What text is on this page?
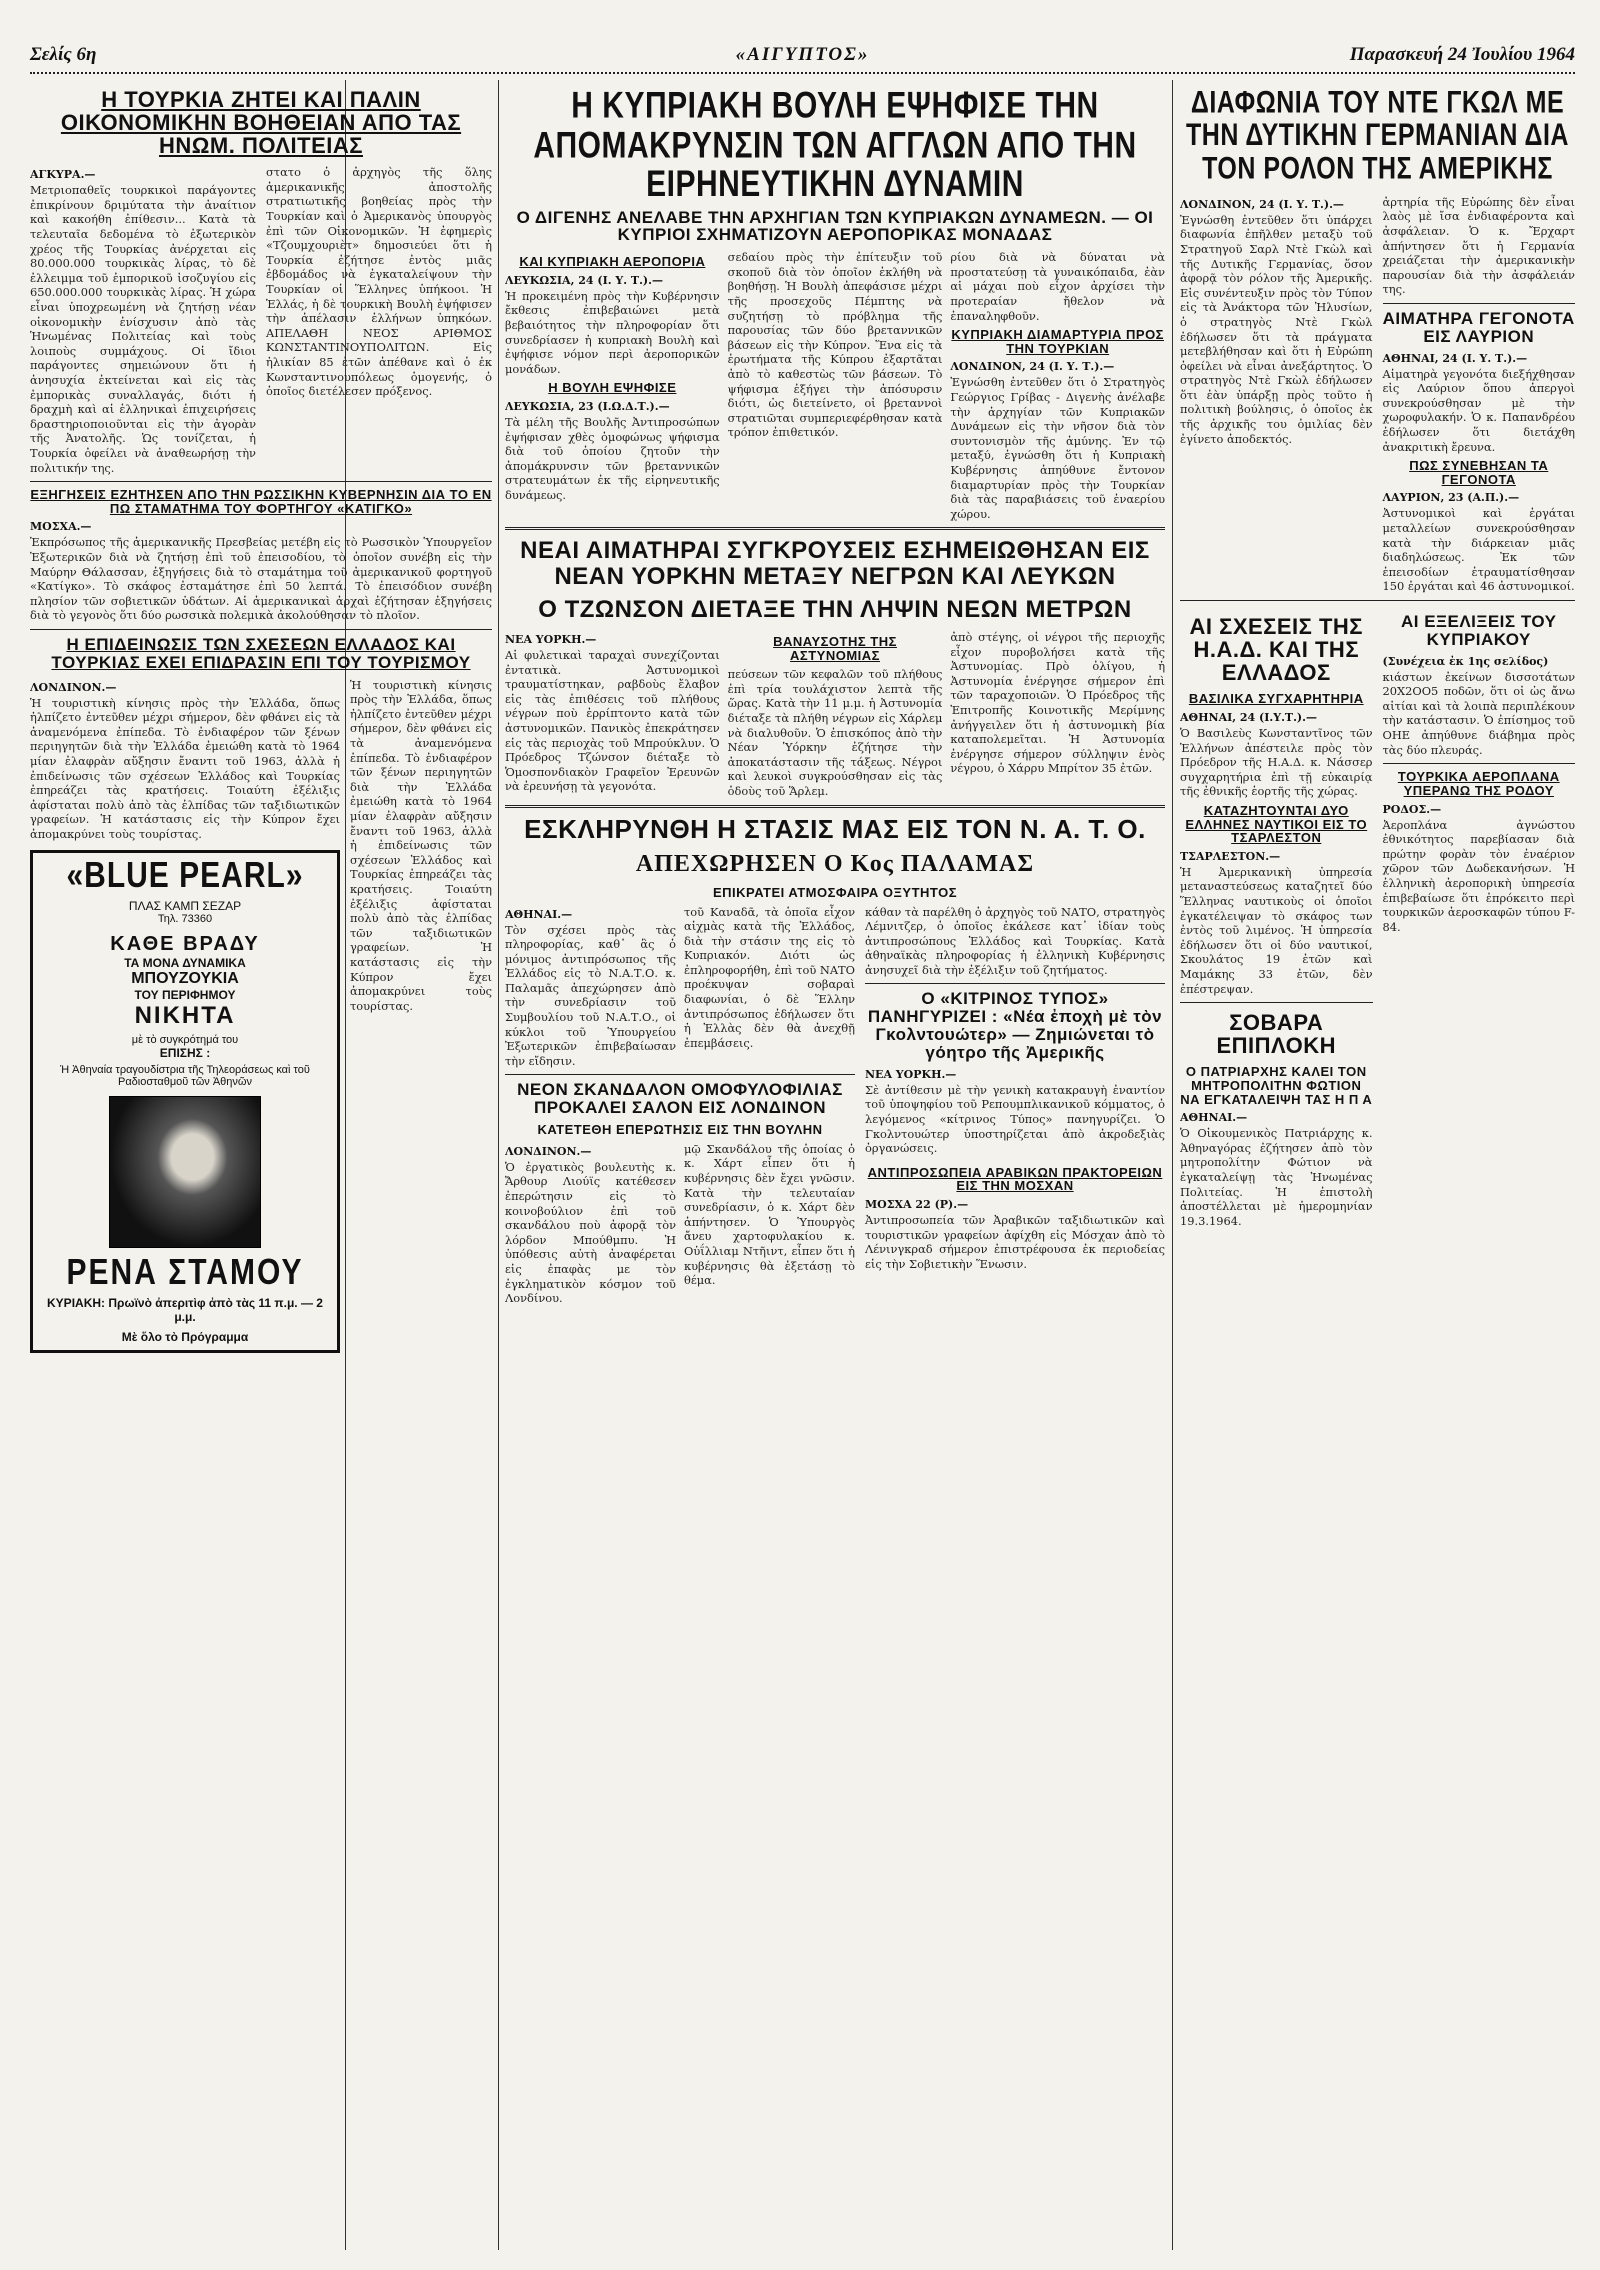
Σελίς 6η	«ΑΙΓΥΠΤΟΣ»	Παρασκευή 24 Ἰουλίου 1964
Η ΤΟΥΡΚΙΑ ΖΗΤΕΙ ΚΑΙ ΠΑΛΙΝ ΟΙΚΟΝΟΜΙΚΗΝ ΒΟΗΘΕΙΑΝ ΑΠΟ ΤΑΣ ΗΝΩΜ. ΠΟΛΙΤΕΙΑΣ
ΑΓΚΥΡΑ.—
Μετριοπαθεῖς τουρκικοὶ παράγοντες ἐπικρίνουν δριμύτατα τὴν ἀναίτιον καὶ κακοήθη ἐπίθεσιν... Κατὰ τὰ τελευταῖα δεδομένα τὸ ἐξωτερικὸν χρέος τῆς Τουρκίας ἀνέρχεται εἰς 80.000.000 τουρκικὰς λίρας, τὸ δὲ ἐλλειμμα τοῦ ἐμπορικοῦ ἰσοζυγίου εἰς 650.000.000 τουρκικὰς λίρας. Ἡ χώρα εἶναι ὑποχρεωμένη νὰ ζητήσῃ νέαν οἰκονομικὴν ἐνίσχυσιν ἀπὸ τὰς Ἡνωμένας Πολιτείας καὶ τοὺς λοιποὺς συμμάχους. Οἱ ἴδιοι παράγοντες σημειώνουν ὅτι ἡ ἀνησυχία ἐκτείνεται καὶ εἰς τὰς ἐμπορικὰς συναλλαγάς, διότι ἡ δραχμὴ καὶ αἱ ἑλληνικαὶ ἐπιχειρήσεις δραστηριοποιοῦνται εἰς τὴν ἀγορὰν τῆς Ἀνατολῆς. Ὡς τονίζεται, ἡ Τουρκία ὀφείλει νὰ ἀναθεωρήσῃ τὴν πολιτικήν της.
στατο ὁ ἀρχηγὸς τῆς ὅλης ἀμερικανικῆς ἀποστολῆς στρατιωτικῆς βοηθείας πρὸς τὴν Τουρκίαν καὶ ὁ Ἀμερικανὸς ὑπουργὸς ἐπὶ τῶν Οἰκονομικῶν. Ἡ ἐφημερὶς «Τζουμχουριὲτ» δημοσιεύει ὅτι ἡ Τουρκία ἐζήτησε ἐντὸς μιᾶς ἑβδομάδος νὰ ἐγκαταλείψουν τὴν Τουρκίαν οἱ Ἕλληνες ὑπήκοοι. Ἡ Ἑλλάς, ἡ δὲ τουρκικὴ Βουλὴ ἐψήφισεν τὴν ἀπέλασιν ἑλλήνων ὑπηκόων. ΑΠΕΛΑΘΗ ΝΕΟΣ ΑΡΙΘΜΟΣ ΚΩΝΣΤΑΝΤΙΝΟΥΠΟΛΙΤΩΝ. Εἰς ἡλικίαν 85 ἐτῶν ἀπέθανε καὶ ὁ ἐκ Κωνσταντινουπόλεως ὁμογενής, ὁ ὁποῖος διετέλεσεν πρόξενος.
ΕΞΗΓΗΣΕΙΣ ΕΖΗΤΗΣΕΝ ΑΠΟ ΤΗΝ ΡΩΣΣΙΚΗΝ ΚΥΒΕΡΝΗΣΙΝ ΔΙΑ ΤΟ ΕΝ ΠΩ ΣΤΑΜΑΤΗΜΑ ΤΟΥ ΦΟΡΤΗΓΟΥ «ΚΑΤΙΓΚΟ»
ΜΟΣΧΑ.—
Ἐκπρόσωπος τῆς ἀμερικανικῆς Πρεσβείας μετέβη εἰς τὸ Ρωσσικὸν Ὑπουργεῖον Ἐξωτερικῶν διὰ νὰ ζητήσῃ ἐπὶ τοῦ ἐπεισοδίου, τὸ ὁποῖον συνέβη εἰς τὴν Μαύρην Θάλασσαν, ἐξηγήσεις διὰ τὸ σταμάτημα τοῦ ἀμερικανικοῦ φορτηγοῦ «Κατίγκο». Τὸ σκάφος ἐσταμάτησε ἐπὶ 50 λεπτά. Τὸ ἐπεισόδιον συνέβη πλησίον τῶν σοβιετικῶν ὑδάτων. Αἱ ἀμερικανικαὶ ἀρχαὶ ἐζήτησαν ἐξηγήσεις διὰ τὸ γεγονὸς ὅτι δύο ρωσσικὰ πολεμικὰ ἀκολούθησαν τὸ πλοῖον.
Η ΕΠΙΔΕΙΝΩΣΙΣ ΤΩΝ ΣΧΕΣΕΩΝ ΕΛΛΑΔΟΣ ΚΑΙ ΤΟΥΡΚΙΑΣ ΕΧΕΙ ΕΠΙΔΡΑΣΙΝ ΕΠΙ ΤΟΥ ΤΟΥΡΙΣΜΟΥ
ΛΟΝΔΙΝΟΝ.—
Ἡ τουριστικὴ κίνησις πρὸς τὴν Ἑλλάδα, ὅπως ἠλπίζετο ἐντεῦθεν μέχρι σήμερον, δὲν φθάνει εἰς τὰ ἀναμενόμενα ἐπίπεδα. Τὸ ἐνδιαφέρον τῶν ξένων περιηγητῶν διὰ τὴν Ἑλλάδα ἐμειώθη κατὰ τὸ 1964 μίαν ἐλαφρὰν αὔξησιν ἔναντι τοῦ 1963, ἀλλὰ ἡ ἐπιδείνωσις τῶν σχέσεων Ἑλλάδος καὶ Τουρκίας ἐπηρεάζει τὰς κρατήσεις. Τοιαύτη ἐξέλιξις ἀφίσταται πολὺ ἀπὸ τὰς ἐλπίδας τῶν ταξιδιωτικῶν γραφείων. Ἡ κατάστασις εἰς τὴν Κύπρον ἔχει ἀπομακρύνει τοὺς τουρίστας.
«BLUE PEARL»
ΠΛΑΣ ΚΑΜΠ ΣΕΖΑΡ
Τηλ. 73360
ΚΑΘΕ ΒΡΑΔΥ
ΤΑ ΜΟΝΑ ΔΥΝΑΜΙΚΑ
ΜΠΟΥΖΟΥΚΙΑ
ΤΟΥ ΠΕΡΙΦΗΜΟΥ
ΝΙΚΗΤΑ
μὲ τὸ συγκρότημά του
ΕΠΙΣΗΣ :
Ἡ Ἀθηναία τραγουδίστρια τῆς Τηλεοράσεως καὶ τοῦ Ραδιοσταθμοῦ τῶν Ἀθηνῶν
ΡΕΝΑ ΣΤΑΜΟΥ
ΚΥΡΙΑΚΗ: Πρωϊνὸ ἀπεριτὶφ ἀπὸ τὰς 11 π.μ. — 2 μ.μ.
Μὲ ὅλο τὸ Πρόγραμμα
Ἡ τουριστικὴ κίνησις πρὸς τὴν Ἑλλάδα, ὅπως ἠλπίζετο ἐντεῦθεν μέχρι σήμερον, δὲν φθάνει εἰς τὰ ἀναμενόμενα ἐπίπεδα. Τὸ ἐνδιαφέρον τῶν ξένων περιηγητῶν διὰ τὴν Ἑλλάδα ἐμειώθη κατὰ τὸ 1964 μίαν ἐλαφρὰν αὔξησιν ἔναντι τοῦ 1963, ἀλλὰ ἡ ἐπιδείνωσις τῶν σχέσεων Ἑλλάδος καὶ Τουρκίας ἐπηρεάζει τὰς κρατήσεις. Τοιαύτη ἐξέλιξις ἀφίσταται πολὺ ἀπὸ τὰς ἐλπίδας τῶν ταξιδιωτικῶν γραφείων. Ἡ κατάστασις εἰς τὴν Κύπρον ἔχει ἀπομακρύνει τοὺς τουρίστας.
Η ΚΥΠΡΙΑΚΗ ΒΟΥΛΗ ΕΨΗΦΙΣΕ ΤΗΝ ΑΠΟΜΑΚΡΥΝΣΙΝ ΤΩΝ ΑΓΓΛΩΝ ΑΠΟ ΤΗΝ ΕΙΡΗΝΕΥΤΙΚΗΝ ΔΥΝΑΜΙΝ
Ο ΔΙΓΕΝΗΣ ΑΝΕΛΑΒΕ ΤΗΝ ΑΡΧΗΓΙΑΝ ΤΩΝ ΚΥΠΡΙΑΚΩΝ ΔΥΝΑΜΕΩΝ. — ΟΙ ΚΥΠΡΙΟΙ ΣΧΗΜΑΤΙΖΟΥΝ ΑΕΡΟΠΟΡΙΚΑΣ ΜΟΝΑΔΑΣ
ΚΑΙ ΚΥΠΡΙΑΚΗ ΑΕΡΟΠΟΡΙΑ
ΛΕΥΚΩΣΙΑ, 24 (Ι. Υ. Τ.).—
Ἡ προκειμένη πρὸς τὴν Κυβέρνησιν ἔκθεσις ἐπιβεβαιώνει μετὰ βεβαιότητος τὴν πληροφορίαν ὅτι συνεδρίασεν ἡ κυπριακὴ Βουλὴ καὶ ἐψήφισε νόμον περὶ ἀεροπορικῶν μονάδων.
Η ΒΟΥΛΗ ΕΨΗΦΙΣΕ
ΛΕΥΚΩΣΙΑ, 23 (Ι.Ω.Δ.Τ.).—
Τὰ μέλη τῆς Βουλῆς Ἀντιπροσώπων ἐψήφισαν χθὲς ὁμοφώνως ψήφισμα διὰ τοῦ ὁποίου ζητοῦν τὴν ἀπομάκρυνσιν τῶν βρεταννικῶν στρατευμάτων ἐκ τῆς εἰρηνευτικῆς δυνάμεως.
σεδαίου πρὸς τὴν ἐπίτευξιν τοῦ σκοποῦ διὰ τὸν ὁποῖον ἐκλήθη νὰ βοηθήσῃ. Ἡ Βουλὴ ἀπεφάσισε μέχρι τῆς προσεχοῦς Πέμπτης νὰ συζητήσῃ τὸ πρόβλημα τῆς παρουσίας τῶν δύο βρεταννικῶν βάσεων εἰς τὴν Κύπρον. Ἕνα εἰς τὰ ἐρωτήματα τῆς Κύπρου ἐξαρτᾶται ἀπὸ τὸ καθεστὼς τῶν βάσεων. Τὸ ψήφισμα ἐξήγει τὴν ἀπόσυρσιν διότι, ὡς διετείνετο, οἱ βρεταννοὶ στρατιῶται συμπεριεφέρθησαν κατὰ τρόπον ἐπιθετικόν.
ρίου διὰ νὰ δύναται νὰ προστατεύσῃ τὰ γυναικόπαιδα, ἐὰν αἱ μάχαι ποὺ εἶχον ἀρχίσει τὴν προτεραίαν ἤθελον νὰ ἐπαναληφθοῦν.
ΚΥΠΡΙΑΚΗ ΔΙΑΜΑΡΤΥΡΙΑ ΠΡΟΣ ΤΗΝ ΤΟΥΡΚΙΑΝ
ΛΟΝΔΙΝΟΝ, 24 (Ι. Υ. Τ.).—
Ἐγνώσθη ἐντεῦθεν ὅτι ὁ Στρατηγὸς Γεώργιος Γρίβας - Διγενὴς ἀνέλαβε τὴν ἀρχηγίαν τῶν Κυπριακῶν Δυνάμεων εἰς τὴν νῆσον διὰ τὸν συντονισμὸν τῆς ἀμύνης. Ἐν τῷ μεταξύ, ἐγνώσθη ὅτι ἡ Κυπριακὴ Κυβέρνησις ἀπηύθυνε ἔντονον διαμαρτυρίαν πρὸς τὴν Τουρκίαν διὰ τὰς παραβιάσεις τοῦ ἐναερίου χώρου.
ΝΕΑΙ ΑΙΜΑΤΗΡΑΙ ΣΥΓΚΡΟΥΣΕΙΣ ΕΣΗΜΕΙΩΘΗΣΑΝ ΕΙΣ ΝΕΑΝ ΥΟΡΚΗΝ ΜΕΤΑΞΥ ΝΕΓΡΩΝ ΚΑΙ ΛΕΥΚΩΝ
Ο ΤΖΩΝΣΟΝ ΔΙΕΤΑΞΕ ΤΗΝ ΛΗΨΙΝ ΝΕΩΝ ΜΕΤΡΩΝ
ΝΕΑ ΥΟΡΚΗ.—
Αἱ φυλετικαὶ ταραχαὶ συνεχίζονται ἐντατικὰ. Ἀστυνομικοὶ τραυματίστηκαν, ραβδοὺς ἔλαβον εἰς τὰς ἐπιθέσεις τοῦ πλήθους νέγρων ποὺ ἐρρίπτοντο κατὰ τῶν ἀστυνομικῶν. Πανικὸς ἐπεκράτησεν εἰς τὰς περιοχὰς τοῦ Μπρούκλυν. Ὁ Πρόεδρος Τζώνσον διέταξε τὸ Ὁμοσπονδιακὸν Γραφεῖον Ἐρευνῶν νὰ ἐρευνήσῃ τὰ γεγονότα.
ΒΑΝΑΥΣΟΤΗΣ ΤΗΣ ΑΣΤΥΝΟΜΙΑΣ
πεύσεων τῶν κεφαλῶν τοῦ πλήθους ἐπὶ τρία τουλάχιστον λεπτὰ τῆς ὥρας. Κατὰ τὴν 11 μ.μ. ἡ Ἀστυνομία διέταξε τὰ πλήθη νέγρων εἰς Χάρλεμ νὰ διαλυθοῦν. Ὁ ἐπισκόπος ἀπὸ τὴν Νέαν Ὑόρκην ἐζήτησε τὴν ἀποκατάστασιν τῆς τάξεως. Νέγροι καὶ λευκοὶ συγκρούσθησαν εἰς τὰς ὁδοὺς τοῦ Ἅρλεμ.
ἀπὸ στέγης, οἱ νέγροι τῆς περιοχῆς εἶχον πυροβολήσει κατὰ τῆς Ἀστυνομίας. Πρὸ ὀλίγου, ἡ Ἀστυνομία ἐνέργησε σήμερον ἐπὶ τῶν ταραχοποιῶν. Ὁ Πρόεδρος τῆς Ἐπιτροπῆς Κοινοτικῆς Μερίμνης ἀνήγγειλεν ὅτι ἡ ἀστυνομικὴ βία καταπολεμεῖται. Ἡ Ἀστυνομία ἐνέργησε σήμερον σύλληψιν ἑνὸς νέγρου, ὁ Χάρρυ Μπρίτον 35 ἐτῶν.
ΕΣΚΛΗΡΥΝΘΗ Η ΣΤΑΣΙΣ ΜΑΣ ΕΙΣ ΤΟΝ Ν. Α. Τ. Ο.
ΑΠΕΧΩΡΗΣΕΝ Ο Κος ΠΑΛΑΜΑΣ
ΕΠΙΚΡΑΤΕΙ ΑΤΜΟΣΦΑΙΡΑ ΟΞΥΤΗΤΟΣ
ΑΘΗΝΑΙ.—
Τὸν σχέσει πρὸς τὰς πληροφορίας, καθ᾽ ἃς ὁ μόνιμος ἀντιπρόσωπος τῆς Ἑλλάδος εἰς τὸ Ν.Α.Τ.Ο. κ. Παλαμᾶς ἀπεχώρησεν ἀπὸ τὴν συνεδρίασιν τοῦ Συμβουλίου τοῦ Ν.Α.Τ.Ο., οἱ κύκλοι τοῦ Ὑπουργείου Ἐξωτερικῶν ἐπιβεβαίωσαν τὴν εἴδησιν.
τοῦ Καναδᾶ, τὰ ὁποῖα εἶχον αἰχμὰς κατὰ τῆς Ἑλλάδος, διὰ τὴν στάσιν της εἰς τὸ Κυπριακόν. Διότι ὡς ἐπληροφορήθη, ἐπὶ τοῦ ΝΑΤΟ προέκυψαν σοβαραὶ διαφωνίαι, ὁ δὲ Ἕλλην ἀντιπρόσωπος ἐδήλωσεν ὅτι ἡ Ἑλλὰς δὲν θὰ ἀνεχθῇ ἐπεμβάσεις.
ΝΕΟΝ ΣΚΑΝΔΑΛΟΝ ΟΜΟΦΥΛΟΦΙΛΙΑΣ ΠΡΟΚΑΛΕΙ ΣΑΛΟΝ ΕΙΣ ΛΟΝΔΙΝΟΝ
ΚΑΤΕΤΕΘΗ ΕΠΕΡΩΤΗΣΙΣ ΕΙΣ ΤΗΝ ΒΟΥΛΗΝ
ΛΟΝΔΙΝΟΝ.—
Ὁ ἐργατικὸς βουλευτὴς κ. Ἄρθουρ Λιούϊς κατέθεσεν ἐπερώτησιν εἰς τὸ κοινοβούλιον ἐπὶ τοῦ σκανδάλου ποὺ ἀφορᾷ τὸν λόρδον Μπούθμπυ. Ἡ ὑπόθεσις αὐτὴ ἀναφέρεται εἰς ἐπαφὰς με τὸν ἐγκληματικὸν κόσμον τοῦ Λονδίνου.
μῷ Σκανδάλου τῆς ὁποίας ὁ κ. Χάρτ εἶπεν ὅτι ἡ κυβέρνησις δὲν ἔχει γνῶσιν. Κατὰ τὴν τελευταίαν συνεδρίασιν, ὁ κ. Χάρτ δὲν ἀπήντησεν. Ὁ Ὑπουργὸς ἄνευ χαρτοφυλακίου κ. Οὐΐλλιαμ Ντῆιντ, εἶπεν ὅτι ἡ κυβέρνησις θὰ ἐξετάσῃ τὸ θέμα.
κάθαν τὰ παρέλθη ὁ ἀρχηγὸς τοῦ ΝΑΤΟ, στρατηγὸς Λέμνιτζερ, ὁ ὁποῖος ἐκάλεσε κατ᾽ ἰδίαν τοὺς ἀντιπροσώπους Ἑλλάδος καὶ Τουρκίας. Κατὰ ἀθηναϊκὰς πληροφορίας ἡ ἑλληνικὴ Κυβέρνησις ἀνησυχεῖ διὰ τὴν ἐξέλιξιν τοῦ ζητήματος.
Ο «ΚΙΤΡΙΝΟΣ ΤΥΠΟΣ» ΠΑΝΗΓΥΡΙΖΕΙ : «Νέα ἐποχὴ μὲ τὸν Γκολντουώτερ» — Ζημιώνεται τὸ γόητρο τῆς Ἀμερικῆς
ΝΕΑ ΥΟΡΚΗ.—
Σὲ ἀντίθεσιν μὲ τὴν γενικὴ κατακραυγὴ ἐναντίον τοῦ ὑποψηφίου τοῦ Ρεπουμπλικανικοῦ κόμματος, ὁ λεγόμενος «κίτρινος Τύπος» πανηγυρίζει. Ὁ Γκολντουώτερ ὑποστηρίζεται ἀπὸ ἀκροδεξιὰς ὀργανώσεις.
ΑΝΤΙΠΡΟΣΩΠΕΙΑ ΑΡΑΒΙΚΩΝ ΠΡΑΚΤΟΡΕΙΩΝ ΕΙΣ ΤΗΝ ΜΟΣΧΑΝ
ΜΟΣΧΑ 22 (Ρ).—
Ἀντιπροσωπεία τῶν Ἀραβικῶν ταξιδιωτικῶν καὶ τουριστικῶν γραφείων ἀφίχθη εἰς Μόσχαν ἀπὸ τὸ Λένινγκραδ σήμερον ἐπιστρέφουσα ἐκ περιοδείας εἰς τὴν Σοβιετικὴν Ἕνωσιν.
ΔΙΑΦΩΝΙΑ ΤΟΥ ΝΤΕ ΓΚΩΛ ΜΕ ΤΗΝ ΔΥΤΙΚΗΝ ΓΕΡΜΑΝΙΑΝ ΔΙΑ ΤΟΝ ΡΟΛΟΝ ΤΗΣ ΑΜΕΡΙΚΗΣ
ΛΟΝΔΙΝΟΝ, 24 (Ι. Υ. Τ.).—
Ἐγνώσθη ἐντεῦθεν ὅτι ὑπάρχει διαφωνία ἐπῆλθεν μεταξὺ τοῦ Στρατηγοῦ Σαρλ Ντὲ Γκὼλ καὶ τῆς Δυτικῆς Γερμανίας, ὅσον ἀφορᾷ τὸν ρόλον τῆς Ἀμερικῆς. Εἰς συνέντευξιν πρὸς τὸν Τύπον εἰς τὰ Ἀνάκτορα τῶν Ἠλυσίων, ὁ στρατηγὸς Ντὲ Γκὼλ ἐδήλωσεν ὅτι τὰ πράγματα μετεβλήθησαν καὶ ὅτι ἡ Εὐρώπη ὀφείλει νὰ εἶναι ἀνεξάρτητος. Ὁ στρατηγὸς Ντὲ Γκὼλ ἐδήλωσεν ὅτι ἐὰν ὑπάρξῃ πρὸς τοῦτο ἡ πολιτικὴ βούλησις, ὁ ὁποῖος ἐκ τῆς ἀρχικῆς του ὁμιλίας δὲν ἐγίνετο ἀποδεκτός.
ἀρτηρία τῆς Εὐρώπης δὲν εἶναι λαὸς μὲ ἴσα ἐνδιαφέροντα καὶ ἀσφάλειαν. Ὁ κ. Ἔρχαρτ ἀπήντησεν ὅτι ἡ Γερμανία χρειάζεται τὴν ἀμερικανικὴν παρουσίαν διὰ τὴν ἀσφάλειάν της.
ΑΙΜΑΤΗΡΑ ΓΕΓΟΝΟΤΑ ΕΙΣ ΛΑΥΡΙΟΝ
ΑΘΗΝΑΙ, 24 (Ι. Υ. Τ.).—
Αἱματηρὰ γεγονότα διεξήχθησαν εἰς Λαύριον ὅπου ἀπεργοὶ συνεκρούσθησαν μὲ τὴν χωροφυλακήν. Ὁ κ. Παπανδρέου ἐδήλωσεν ὅτι διετάχθη ἀνακριτικὴ ἔρευνα.
ΠΩΣ ΣΥΝΕΒΗΣΑΝ ΤΑ ΓΕΓΟΝΟΤΑ
ΛΑΥΡΙΟΝ, 23 (Α.Π.).—
Ἀστυνομικοὶ καὶ ἐργάται μεταλλείων συνεκρούσθησαν κατὰ τὴν διάρκειαν μιᾶς διαδηλώσεως. Ἐκ τῶν ἐπεισοδίων ἐτραυματίσθησαν 150 ἐργάται καὶ 46 ἀστυνομικοί.
ΑΙ ΣΧΕΣΕΙΣ ΤΗΣ Η.Α.Δ. ΚΑΙ ΤΗΣ ΕΛΛΑΔΟΣ
ΒΑΣΙΛΙΚΑ ΣΥΓΧΑΡΗΤΗΡΙΑ
ΑΘΗΝΑΙ, 24 (Ι.Υ.Τ.).—
Ὁ Βασιλεὺς Κωνσταντῖνος τῶν Ἑλλήνων ἀπέστειλε πρὸς τὸν Πρόεδρον τῆς Η.Α.Δ. κ. Νάσσερ συγχαρητήρια ἐπὶ τῇ εὐκαιρίᾳ τῆς ἐθνικῆς ἑορτῆς τῆς χώρας.
ΚΑΤΑΖΗΤΟΥΝΤΑΙ ΔΥΟ ΕΛΛΗΝΕΣ ΝΑΥΤΙΚΟΙ ΕΙΣ ΤΟ ΤΣΑΡΛΕΣΤΟΝ
ΤΣΑΡΛΕΣΤΟΝ.—
Ἡ Ἀμερικανικὴ ὑπηρεσία μεταναστεύσεως καταζητεῖ δύο Ἕλληνας ναυτικοὺς οἱ ὁποῖοι ἐγκατέλειψαν τὸ σκάφος των ἐντὸς τοῦ λιμένος. Ἡ ὑπηρεσία ἐδήλωσεν ὅτι οἱ δύο ναυτικοί, Σκουλάτος 19 ἐτῶν καὶ Μαμάκης 33 ἐτῶν, δὲν ἐπέστρεψαν.
ΣΟΒΑΡΑ ΕΠΙΠΛΟΚΗ
Ο ΠΑΤΡΙΑΡΧΗΣ ΚΑΛΕΙ ΤΟΝ ΜΗΤΡΟΠΟΛΙΤΗΝ ΦΩΤΙΟΝ ΝΑ ΕΓΚΑΤΑΛΕΙΨΗ ΤΑΣ Η Π Α
ΑΘΗΝΑΙ.—
Ὁ Οἰκουμενικὸς Πατριάρχης κ. Ἀθηναγόρας ἐζήτησεν ἀπὸ τὸν μητροπολίτην Φώτιον νὰ ἐγκαταλείψῃ τὰς Ἡνωμένας Πολιτείας. Ἡ ἐπιστολὴ ἀποστέλλεται μὲ ἡμερομηνίαν 19.3.1964.
ΑΙ ΕΞΕΛΙΞΕΙΣ ΤΟΥ ΚΥΠΡΙΑΚΟΥ
(Συνέχεια ἐκ 1ης σελίδος)
κιάστων ἐκείνων δισσοτάτων 20Χ2ΟΟ5 ποδῶν, ὅτι οἱ ὡς ἄνω αἰτίαι καὶ τὰ λοιπὰ περιπλέκουν τὴν κατάστασιν. Ὁ ἐπίσημος τοῦ ΟΗΕ ἀπηύθυνε διάβημα πρὸς τὰς δύο πλευράς.
ΤΟΥΡΚΙΚΑ ΑΕΡΟΠΛΑΝΑ ΥΠΕΡΑΝΩ ΤΗΣ ΡΟΔΟΥ
ΡΟΔΟΣ.—
Ἀεροπλάνα ἀγνώστου ἐθνικότητος παρεβίασαν διὰ πρώτην φορὰν τὸν ἐναέριον χῶρον τῶν Δωδεκανήσων. Ἡ ἑλληνικὴ ἀεροπορικὴ ὑπηρεσία ἐπιβεβαίωσε ὅτι ἐπρόκειτο περὶ τουρκικῶν ἀεροσκαφῶν τύπου F-84.
